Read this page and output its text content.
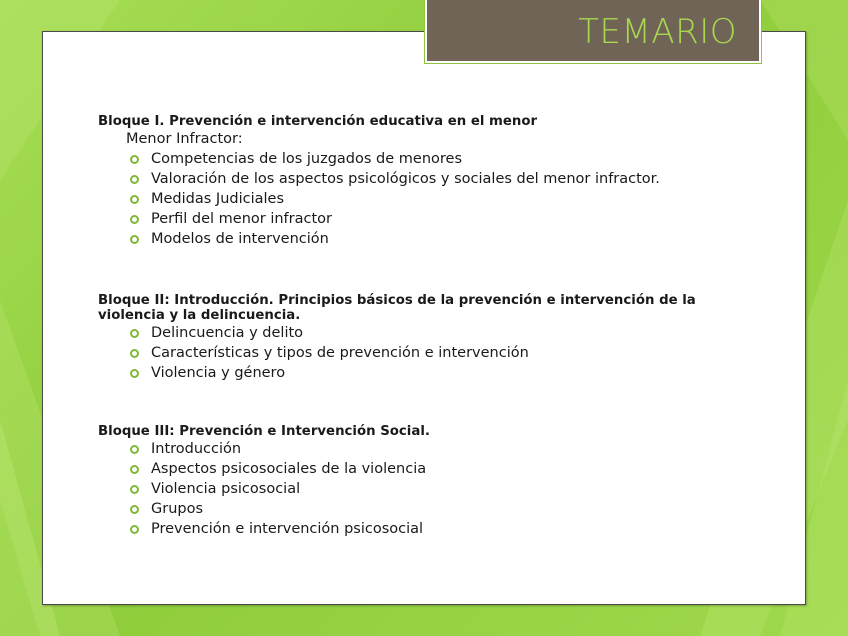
TEMARIO

Bloque I. Prevención e intervención educativa en el menor

Menor Infractor:
Competencias de los juzgados de menores
Valoración de los aspectos psicológicos y sociales del menor infractor.
Medidas Judiciales
Perfil del menor infractor
Modelos de intervención

Bloque II: Introducción. Principios básicos de la prevención e intervención de la violencia y la delincuencia.

Delincuencia y delito
Características y tipos de prevención e intervención
Violencia y género

Bloque III: Prevención e Intervención Social.

Introducción
Aspectos psicosociales de la violencia
Violencia psicosocial
Grupos
Prevención e intervención psicosocial
